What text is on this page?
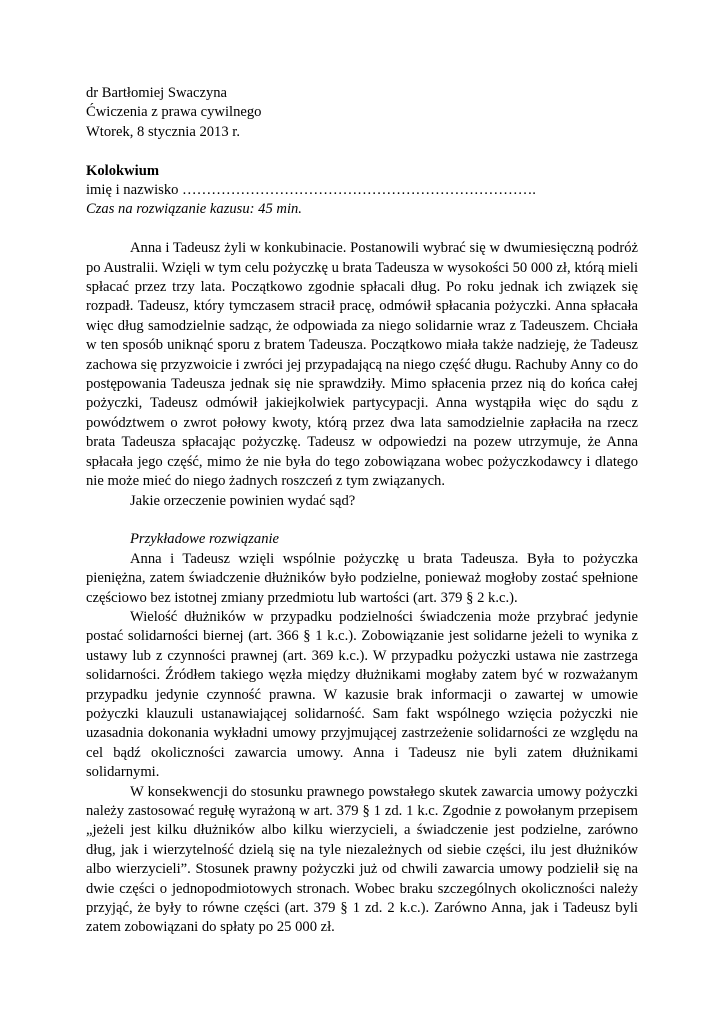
dr Bartłomiej Swaczyna
Ćwiczenia z prawa cywilnego
Wtorek, 8 stycznia 2013 r.
Kolokwium
imię i nazwisko ……………………………………………………………….
Czas na rozwiązanie kazusu: 45 min.

Anna i Tadeusz żyli w konkubinacie. Postanowili wybrać się w dwumiesięczną podróż po Australii. Wzięli w tym celu pożyczkę u brata Tadeusza w wysokości 50 000 zł, którą mieli spłacać przez trzy lata. Początkowo zgodnie spłacali dług. Po roku jednak ich związek się rozpadł. Tadeusz, który tymczasem stracił pracę, odmówił spłacania pożyczki. Anna spłacała więc dług samodzielnie sadząc, że odpowiada za niego solidarnie wraz z Tadeuszem. Chciała w ten sposób uniknąć sporu z bratem Tadeusza. Początkowo miała także nadzieję, że Tadeusz zachowa się przyzwoicie i zwróci jej przypadającą na niego część długu. Rachuby Anny co do postępowania Tadeusza jednak się nie sprawdziły. Mimo spłacenia przez nią do końca całej pożyczki, Tadeusz odmówił jakiejkolwiek partycypacji. Anna wystąpiła więc do sądu z powództwem o zwrot połowy kwoty, którą przez dwa lata samodzielnie zapłaciła na rzecz brata Tadeusza spłacając pożyczkę. Tadeusz w odpowiedzi na pozew utrzymuje, że Anna spłacała jego część, mimo że nie była do tego zobowiązana wobec pożyczkodawcy i dlatego nie może mieć do niego żadnych roszczeń z tym związanych.

Jakie orzeczenie powinien wydać sąd?

Przykładowe rozwiązanie

Anna i Tadeusz wzięli wspólnie pożyczkę u brata Tadeusza. Była to pożyczka pieniężna, zatem świadczenie dłużników było podzielne, ponieważ mogłoby zostać spełnione częściowo bez istotnej zmiany przedmiotu lub wartości (art. 379 § 2 k.c.).

Wielość dłużników w przypadku podzielności świadczenia może przybrać jedynie postać solidarności biernej (art. 366 § 1 k.c.). Zobowiązanie jest solidarne jeżeli to wynika z ustawy lub z czynności prawnej (art. 369 k.c.). W przypadku pożyczki ustawa nie zastrzega solidarności. Źródłem takiego węzła między dłużnikami mogłaby zatem być w rozważanym przypadku jedynie czynność prawna. W kazusie brak informacji o zawartej w umowie pożyczki klauzuli ustanawiającej solidarność. Sam fakt wspólnego wzięcia pożyczki nie uzasadnia dokonania wykładni umowy przyjmującej zastrzeżenie solidarności ze względu na cel bądź okoliczności zawarcia umowy. Anna i Tadeusz nie byli zatem dłużnikami solidarnymi.

W konsekwencji do stosunku prawnego powstałego skutek zawarcia umowy pożyczki należy zastosować regułę wyrażoną w art. 379 § 1 zd. 1 k.c. Zgodnie z powołanym przepisem „jeżeli jest kilku dłużników albo kilku wierzycieli, a świadczenie jest podzielne, zarówno dług, jak i wierzytelność dzielą się na tyle niezależnych od siebie części, ilu jest dłużników albo wierzycieli”. Stosunek prawny pożyczki już od chwili zawarcia umowy podzielił się na dwie części o jednopodmiotowych stronach. Wobec braku szczególnych okoliczności należy przyjąć, że były to równe części (art. 379 § 1 zd. 2 k.c.). Zarówno Anna, jak i Tadeusz byli zatem zobowiązani do spłaty po 25 000 zł.
